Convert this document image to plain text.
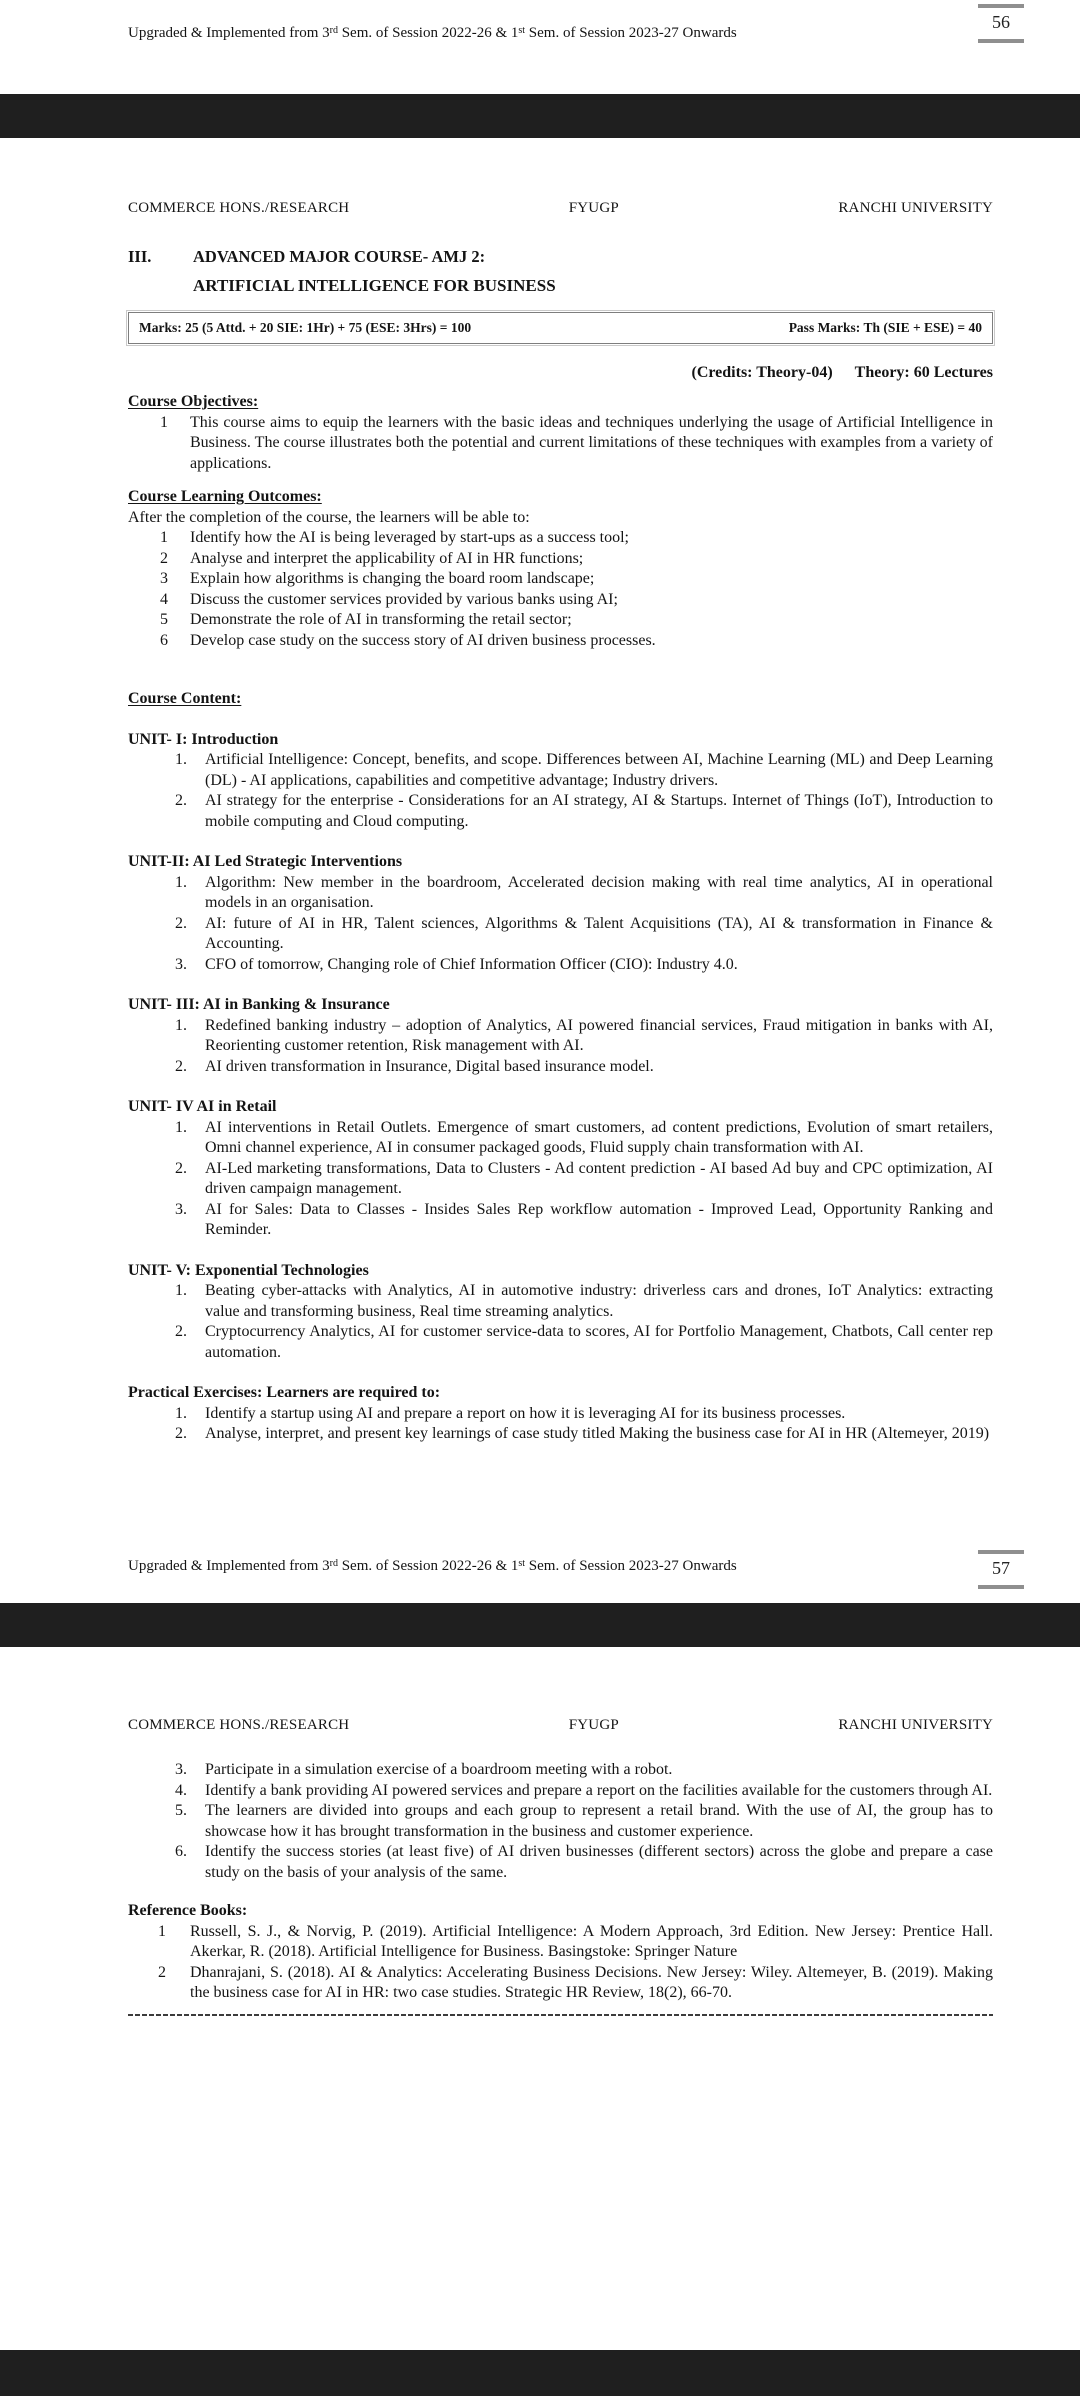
Upgraded & Implemented from 3rd Sem. of Session 2022-26 & 1st Sem. of Session 2023-27 Onwards

56
COMMERCE HONS./RESEARCH	FYUGP	RANCHI UNIVERSITY
III.	ADVANCED MAJOR COURSE- AMJ 2:
ARTIFICIAL INTELLIGENCE FOR BUSINESS
Marks: 25 (5 Attd. + 20 SIE: 1Hr) + 75 (ESE: 3Hrs) = 100	Pass Marks: Th (SIE + ESE) = 40
(Credits: Theory-04) Theory: 60 Lectures
Course Objectives:
1 This course aims to equip the learners with the basic ideas and techniques underlying the usage of Artificial Intelligence in Business. The course illustrates both the potential and current limitations of these techniques with examples from a variety of applications.
Course Learning Outcomes:
After the completion of the course, the learners will be able to:
1 Identify how the AI is being leveraged by start-ups as a success tool;
2 Analyse and interpret the applicability of AI in HR functions;
3 Explain how algorithms is changing the board room landscape;
4 Discuss the customer services provided by various banks using AI;
5 Demonstrate the role of AI in transforming the retail sector;
6 Develop case study on the success story of AI driven business processes.
Course Content:
UNIT- I: Introduction
1. Artificial Intelligence: Concept, benefits, and scope. Differences between AI, Machine Learning (ML) and Deep Learning (DL) - AI applications, capabilities and competitive advantage; Industry drivers.
2. AI strategy for the enterprise - Considerations for an AI strategy, AI & Startups. Internet of Things (IoT), Introduction to mobile computing and Cloud computing.
UNIT-II: AI Led Strategic Interventions
1. Algorithm: New member in the boardroom, Accelerated decision making with real time analytics, AI in operational models in an organisation.
2. AI: future of AI in HR, Talent sciences, Algorithms & Talent Acquisitions (TA), AI & transformation in Finance & Accounting.
3. CFO of tomorrow, Changing role of Chief Information Officer (CIO): Industry 4.0.
UNIT- III: AI in Banking & Insurance
1. Redefined banking industry – adoption of Analytics, AI powered financial services, Fraud mitigation in banks with AI, Reorienting customer retention, Risk management with AI.
2. AI driven transformation in Insurance, Digital based insurance model.
UNIT- IV AI in Retail
1. AI interventions in Retail Outlets. Emergence of smart customers, ad content predictions, Evolution of smart retailers, Omni channel experience, AI in consumer packaged goods, Fluid supply chain transformation with AI.
2. AI-Led marketing transformations, Data to Clusters - Ad content prediction - AI based Ad buy and CPC optimization, AI driven campaign management.
3. AI for Sales: Data to Classes - Insides Sales Rep workflow automation - Improved Lead, Opportunity Ranking and Reminder.
UNIT- V: Exponential Technologies
1. Beating cyber-attacks with Analytics, AI in automotive industry: driverless cars and drones, IoT Analytics: extracting value and transforming business, Real time streaming analytics.
2. Cryptocurrency Analytics, AI for customer service-data to scores, AI for Portfolio Management, Chatbots, Call center rep automation.
Practical Exercises: Learners are required to:
1. Identify a startup using AI and prepare a report on how it is leveraging AI for its business processes.
2. Analyse, interpret, and present key learnings of case study titled Making the business case for AI in HR (Altemeyer, 2019)
Upgraded & Implemented from 3rd Sem. of Session 2022-26 & 1st Sem. of Session 2023-27 Onwards	57
COMMERCE HONS./RESEARCH	FYUGP	RANCHI UNIVERSITY
3. Participate in a simulation exercise of a boardroom meeting with a robot.
4. Identify a bank providing AI powered services and prepare a report on the facilities available for the customers through AI.
5. The learners are divided into groups and each group to represent a retail brand. With the use of AI, the group has to showcase how it has brought transformation in the business and customer experience.
6. Identify the success stories (at least five) of AI driven businesses (different sectors) across the globe and prepare a case study on the basis of your analysis of the same.
Reference Books:
1 Russell, S. J., & Norvig, P. (2019). Artificial Intelligence: A Modern Approach, 3rd Edition. New Jersey: Prentice Hall. Akerkar, R. (2018). Artificial Intelligence for Business. Basingstoke: Springer Nature
2 Dhanrajani, S. (2018). AI & Analytics: Accelerating Business Decisions. New Jersey: Wiley. Altemeyer, B. (2019). Making the business case for AI in HR: two case studies. Strategic HR Review, 18(2), 66-70.
